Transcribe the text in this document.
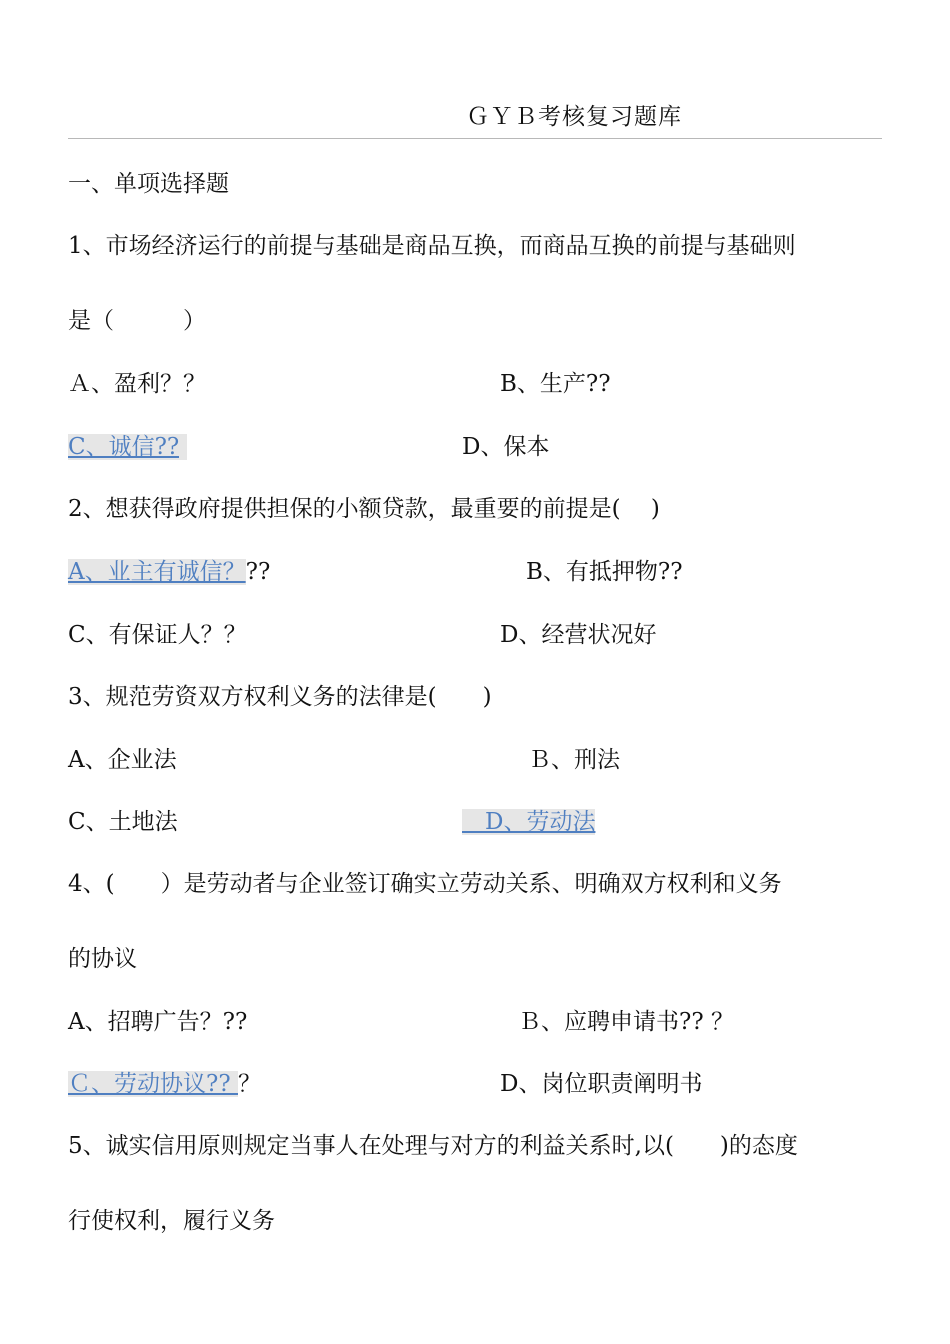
ＧＹＢ考核复习题库
一、单项选择题
1、市场经济运行的前提与基础是商品互换，而商品互换的前提与基础则
是（　　　）
Ａ、盈利？？	B、生产??
C、诚信??	D、保本
2、想获得政府提供担保的小额贷款，最重要的前提是(　 )
A、业主有诚信？??	B、有抵押物??
C、有保证人？？	D、经营状况好
3、规范劳资双方权利义务的法律是(　　)
A、企业法	Ｂ、刑法
C、土地法	　D、劳动法
4、(　　）是劳动者与企业签订确实立劳动关系、明确双方权利和义务
的协议
A、招聘广告？??	Ｂ、应聘申请书?? ？
Ｃ、劳动协议?? ？	D、岗位职责阐明书
5、诚实信用原则规定当事人在处理与对方的利益关系时,以(　　)的态度
行使权利，履行义务
